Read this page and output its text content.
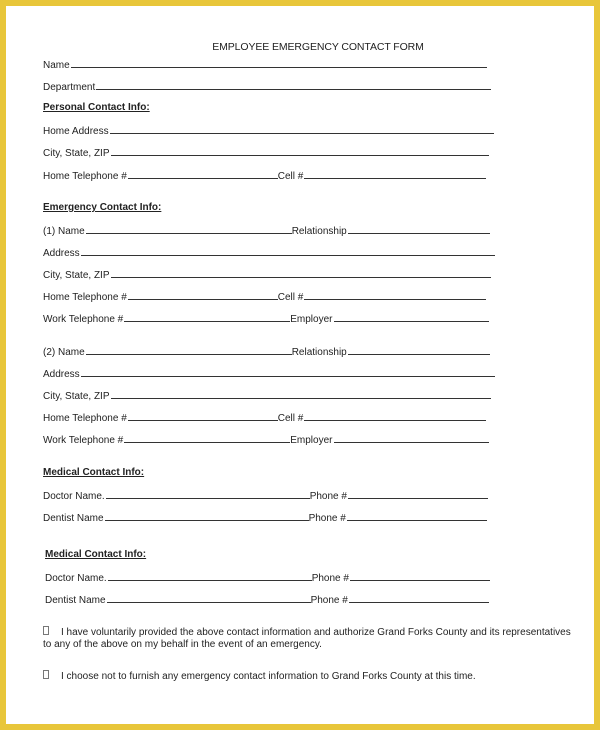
EMPLOYEE EMERGENCY CONTACT FORM
Name
Department
Personal Contact Info:
Home Address
City, State, ZIP
Home Telephone #	Cell #
Emergency Contact Info:
(1) Name	Relationship
Address
City, State, ZIP
Home Telephone #	Cell #
Work Telephone #	Employer
(2) Name	Relationship
Address
City, State, ZIP
Home Telephone #	Cell #
Work Telephone #	Employer
Medical Contact Info:
Doctor Name.	Phone #
Dentist Name	Phone #
Medical Contact Info:
Doctor Name.	Phone #
Dentist Name	Phone #
I have voluntarily provided the above contact information and authorize Grand Forks County and its representatives to any of the above on my behalf in the event of an emergency.
I choose not to furnish any emergency contact information to Grand Forks County at this time.
